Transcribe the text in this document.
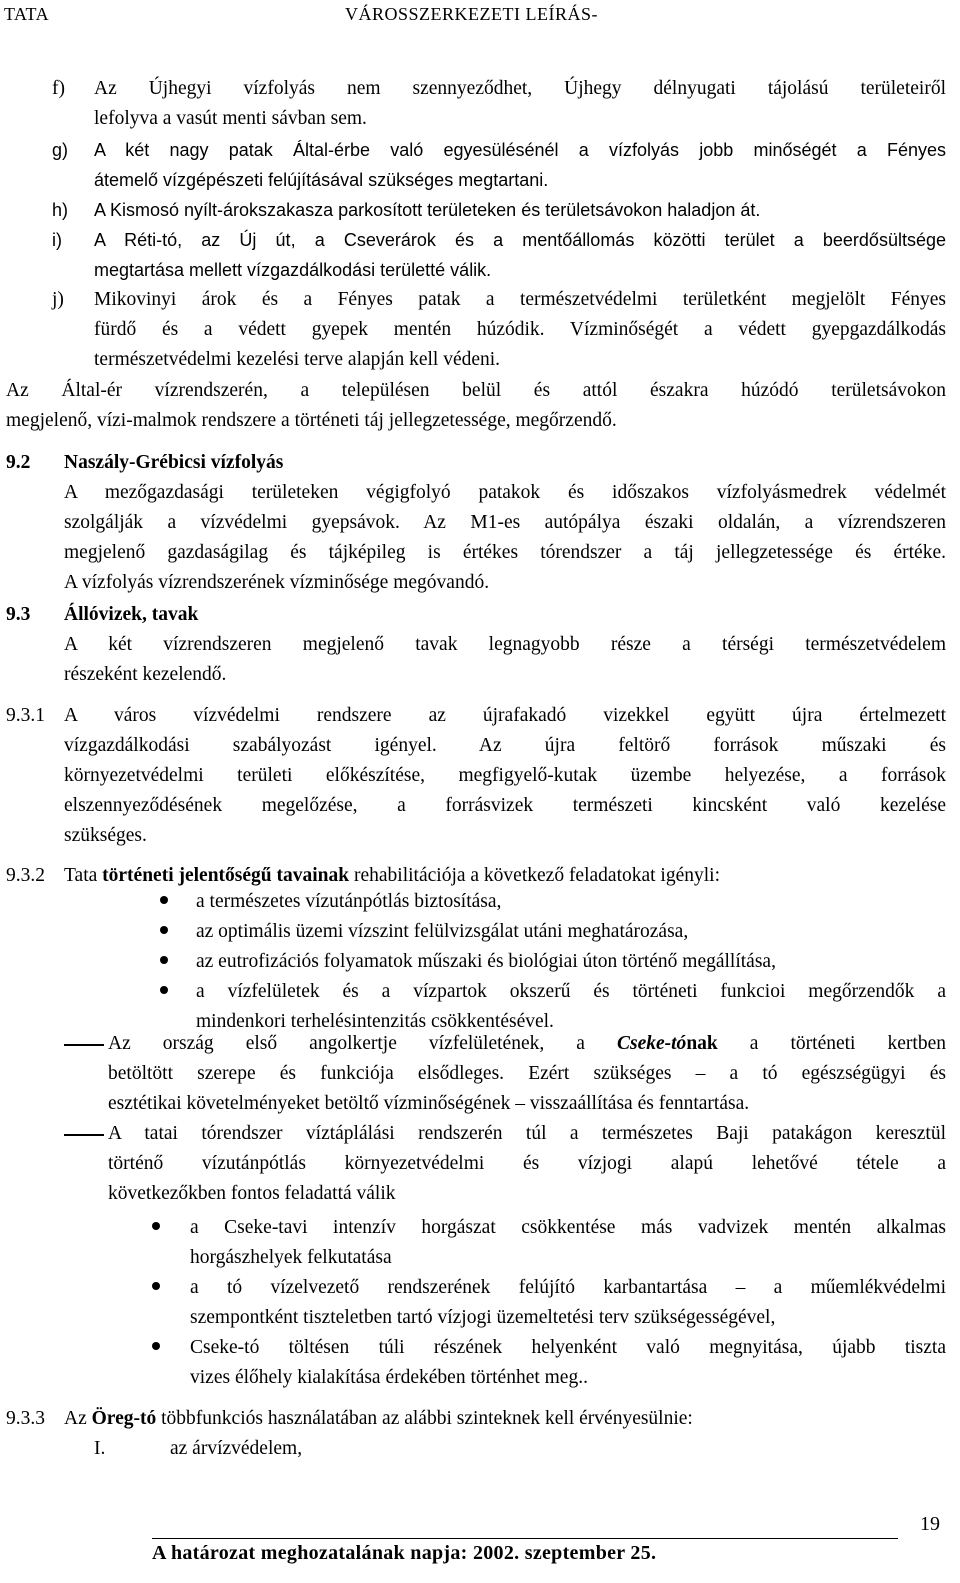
TATA	VÁROSSZERKEZETI LEÍRÁS-
f) Az Újhegyi vízfolyás nem szennyeződhet, Újhegy délnyugati tájolású területeiről
lefolyva a vasút menti sávban sem.
g) A két nagy patak Által-érbe való egyesülésénél a vízfolyás jobb minőségét a Fényes
átemelő vízgépészeti felújításával szükséges megtartani.
h) A Kismosó nyílt-árokszakasza parkosított területeken és területsávokon haladjon át.
i) A Réti-tó, az Új út, a Cseverárok és a mentőállomás közötti terület a beerdősültsége
megtartása mellett vízgazdálkodási területté válik.
j) Mikovinyi árok és a Fényes patak a természetvédelmi területként megjelölt Fényes
fürdő és a védett gyepek mentén húzódik. Vízminőségét a védett gyepgazdálkodás
természetvédelmi kezelési terve alapján kell védeni.
Az Által-ér vízrendszerén, a településen belül és attól északra húzódó területsávokon
megjelenő, vízi-malmok rendszere a történeti táj jellegzetessége, megőrzendő.
9.2 Naszály-Grébicsi vízfolyás
A mezőgazdasági területeken végigfolyó patakok és időszakos vízfolyásmedrek védelmét
szolgálják a vízvédelmi gyepsávok. Az M1-es autópálya északi oldalán, a vízrendszeren
megjelenő gazdaságilag és tájképileg is értékes tórendszer a táj jellegzetessége és értéke.
A vízfolyás vízrendszerének vízminősége megóvandó.
9.3 Állóvizek, tavak
A két vízrendszeren megjelenő tavak legnagyobb része a térségi természetvédelem
részeként kezelendő.
9.3.1 A város vízvédelmi rendszere az újrafakadó vizekkel együtt újra értelmezett
vízgazdálkodási szabályozást igényel. Az újra feltörő források műszaki és
környezetvédelmi területi előkészítése, megfigyelő-kutak üzembe helyezése, a források
elszennyeződésének megelőzése, a forrásvizek természeti kincsként való kezelése
szükséges.
9.3.2 Tata történeti jelentőségű tavainak rehabilitációja a következő feladatokat igényli:
a természetes vízutánpótlás biztosítása,
az optimális üzemi vízszint felülvizsgálat utáni meghatározása,
az eutrofizációs folyamatok műszaki és biológiai úton történő megállítása,
a vízfelületek és a vízpartok okszerű és történeti funkcioi megőrzendők a
mindenkori terhelésintenzitás csökkentésével.
Az ország első angolkertje vízfelületének, a Cseke-tónak a történeti kertben
betöltött szerepe és funkciója elsődleges. Ezért szükséges – a tó egészségügyi és
esztétikai követelményeket betöltő vízminőségének – visszaállítása és fenntartása.
A tatai tórendszer víztáplálási rendszerén túl a természetes Baji patakágon keresztül
történő vízutánpótlás környezetvédelmi és vízjogi alapú lehetővé tétele a
következőkben fontos feladattá válik
a Cseke-tavi intenzív horgászat csökkentése más vadvizek mentén alkalmas
horgászhelyek felkutatása
a tó vízelvezető rendszerének felújító karbantartása – a műemlékvédelmi
szempontként tiszteletben tartó vízjogi üzemeltetési terv szükségességével,
Cseke-tó töltésen túli részének helyenként való megnyitása, újabb tiszta
vizes élőhely kialakítása érdekében történhet meg..
9.3.3 Az Öreg-tó többfunkciós használatában az alábbi szinteknek kell érvényesülnie:
I.	az árvízvédelem,
19
A határozat meghozatalának napja: 2002. szeptember 25.
